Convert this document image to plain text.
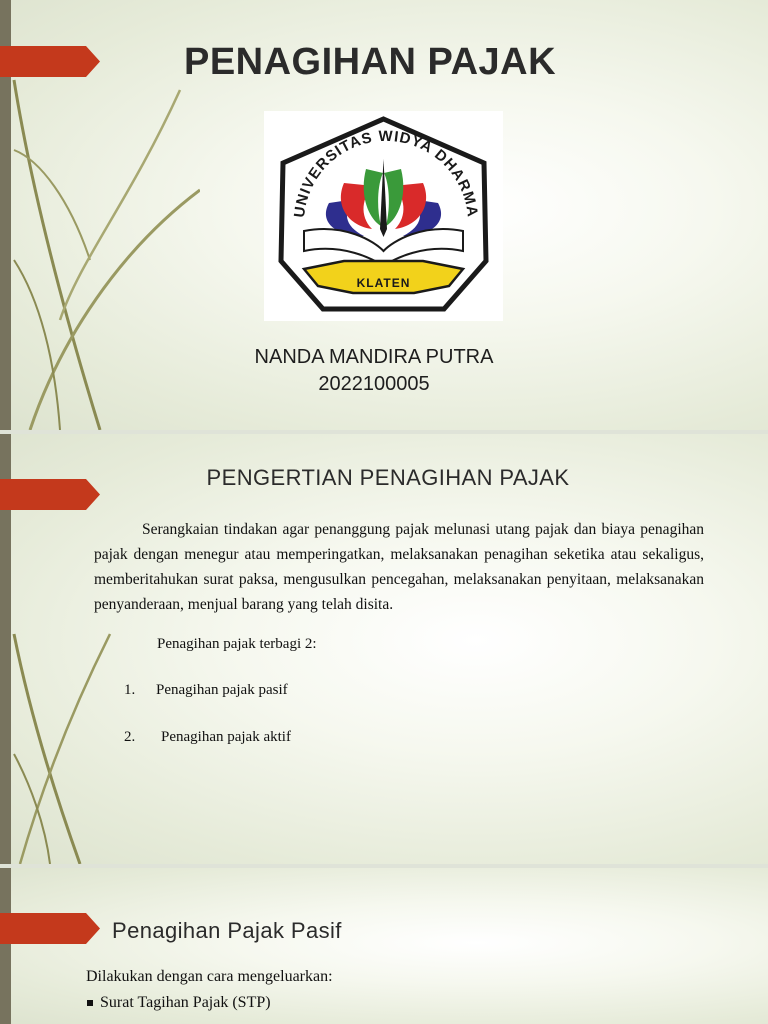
PENAGIHAN PAJAK
UNIVERSITAS WIDYA DHARMA
KLATEN
NANDA MANDIRA PUTRA
2022100005
PENGERTIAN PENAGIHAN PAJAK

Serangkaian tindakan agar penanggung pajak melunasi utang pajak dan biaya penagihan pajak dengan menegur atau memperingatkan, melaksanakan penagihan seketika atau sekaligus, memberitahukan surat paksa, mengusulkan pencegahan, melaksanakan penyitaan, melaksanakan penyanderaan, menjual barang yang telah disita.

Penagihan pajak terbagi 2:
1. Penagihan pajak pasif
2. Penagihan pajak aktif
Penagihan Pajak Pasif
Dilakukan dengan cara mengeluarkan:
Surat Tagihan Pajak (STP)
